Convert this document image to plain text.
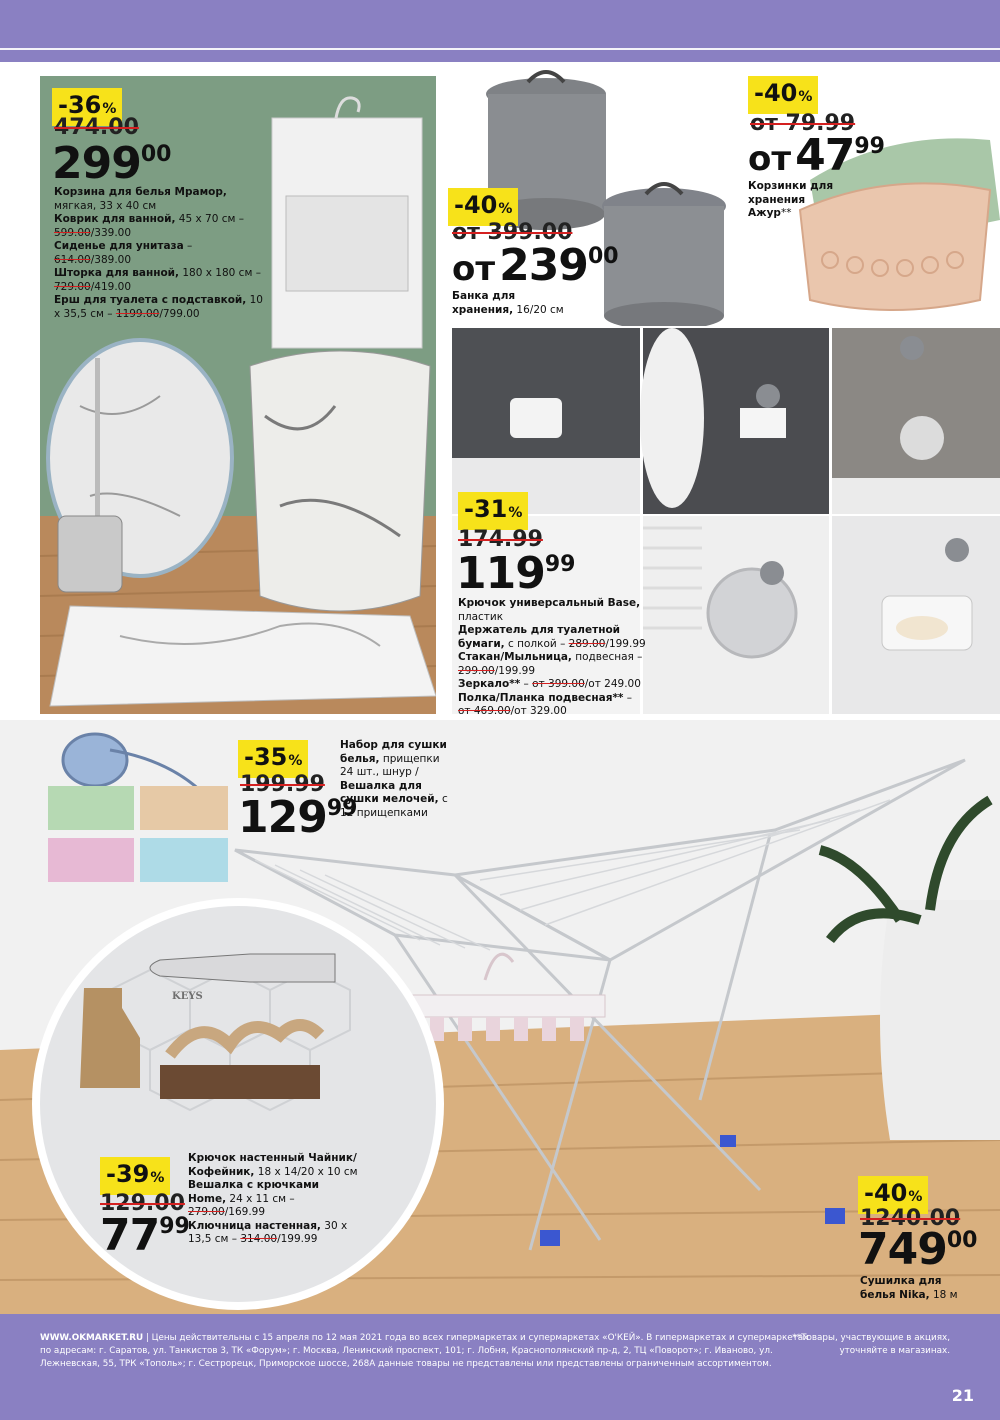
-36%
474.00
29900
Корзина для белья Мрамор, мягкая, 33 х 40 см
Коврик для ванной, 45 х 70 см – 599.00/339.00
Сиденье для унитаза – 614.00/389.00
Шторка для ванной, 180 х 180 см – 729.00/419.00
Ерш для туалета с подставкой, 10 х 35,5 см – 1199.00/799.00
-40%
от 399.00
от23900
Банка для хранения, 16/20 см
-40%
от 79.99
от4799
Корзинки для хранения Ажур**
-31%
174.99
11999
Крючок универсальный Base, пластик
Держатель для туалетной бумаги, с полкой – 289.00/199.99
Стакан/Мыльница, подвесная – 299.00/199.99
Зеркало** – от 399.00/от 249.00
Полка/Планка подвесная** – от 469.00/от 329.00
KEYS
-35%
199.99
12999
Набор для сушки белья, прищепки 24 шт., шнур /
Вешалка для сушки мелочей, с 12 прищепками
-39%
129.00
7799
Крючок настенный Чайник/ Кофейник, 18 х 14/20 х 10 см
Вешалка с крючками Home, 24 х 11 см – 279.00/169.99
Ключница настенная, 30 х 13,5 см – 314.00/199.99
-40%
1240.00
74900
Сушилка для белья Nika, 18 м
WWW.OKMARKET.RU | Цены действительны с 15 апреля по 12 мая 2021 года во всех гипермаркетах и супермаркетах «О'КЕЙ». В гипермаркетах и супермаркетах по адресам: г. Саратов, ул. Танкистов 3, ТК «Форум»; г. Москва, Ленинский проспект, 101; г. Лобня, Краснополянский пр-д, 2, ТЦ «Поворот»; г. Иваново, ул. Лежневская, 55, ТРК «Тополь»; г. Сестрорецк, Приморское шоссе, 268А данные товары не представлены или представлены ограниченным ассортиментом.
**Товары, участвующие в акциях, уточняйте в магазинах.
21
